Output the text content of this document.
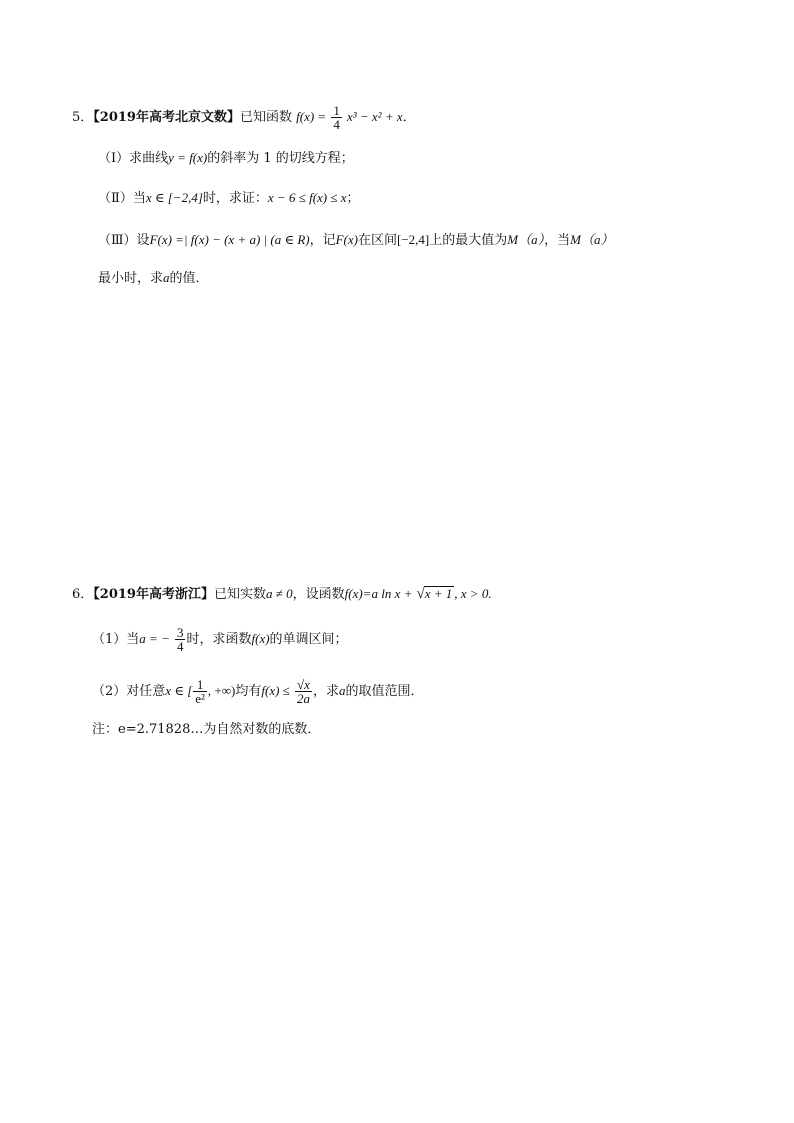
5．【2019年高考北京文数】已知函数 $f(x) = \frac{1}{4} x^3 - x^2 + x$．
（Ⅰ）求曲线y = f(x)的斜率为 1 的切线方程；
（Ⅱ）当x ∈ [−2,4]时，求证：x − 6 ≤ f(x) ≤ x；
（Ⅲ）设F(x) =| f(x) − (x + a) | (a ∈ R)，记F(x)在区间[−2,4]上的最大值为M（a），当M（a）
最小时，求a的值．
6．【2019年高考浙江】已知实数a ≠ 0，设函数f(x)=a ln x + √x + 1 , x > 0.
（1）当a = − $\frac{3}{4}$ 时，求函数f(x)的单调区间；
（2）对任意x ∈ [ $\frac{1}{\text{e²}}$ , +∞)均有$f(x) \le \frac{√x}{2a}$ ，求a的取值范围．
注：e=2.71828…为自然对数的底数．
